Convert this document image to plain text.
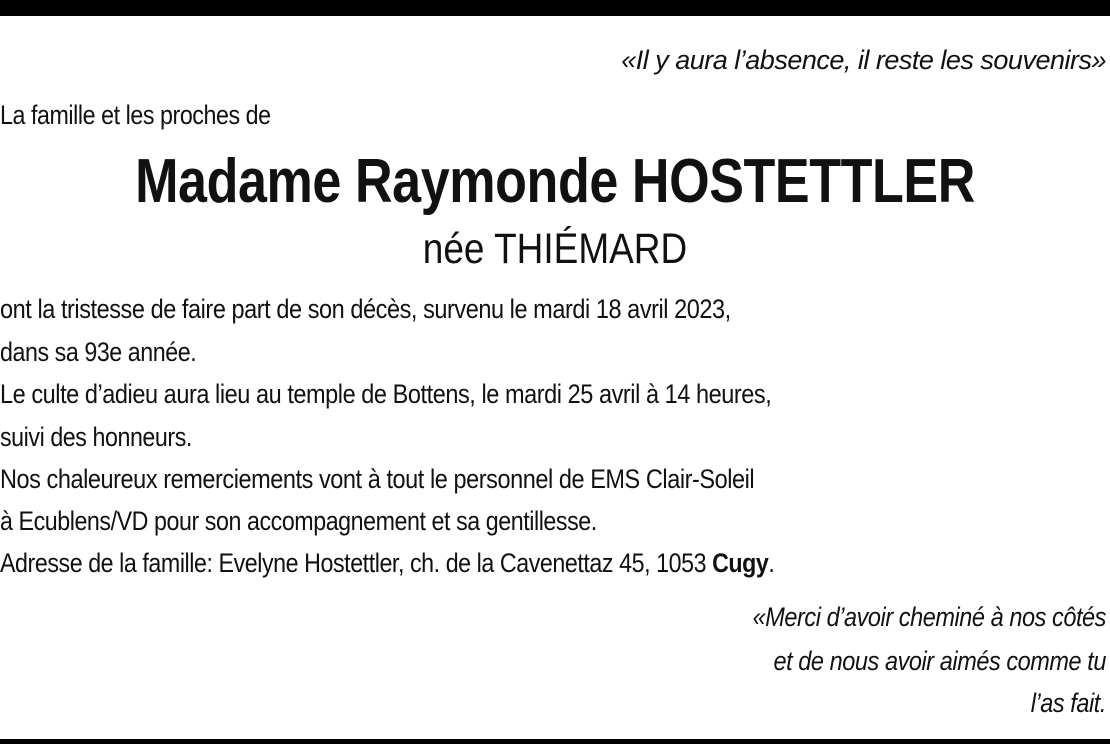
«Il y aura l’absence, il reste les souvenirs»
La famille et les proches de
Madame Raymonde HOSTETTLER
née THIÉMARD
ont la tristesse de faire part de son décès, survenu le mardi 18 avril 2023,
dans sa 93e année.
Le culte d’adieu aura lieu au temple de Bottens, le mardi 25 avril à 14 heures,
suivi des honneurs.
Nos chaleureux remerciements vont à tout le personnel de EMS Clair-Soleil
à Ecublens/VD pour son accompagnement et sa gentillesse.
Adresse de la famille: Evelyne Hostettler, ch. de la Cavenettaz 45, 1053 Cugy.
«Merci d’avoir cheminé à nos côtés
et de nous avoir aimés comme tu
l’as fait.
